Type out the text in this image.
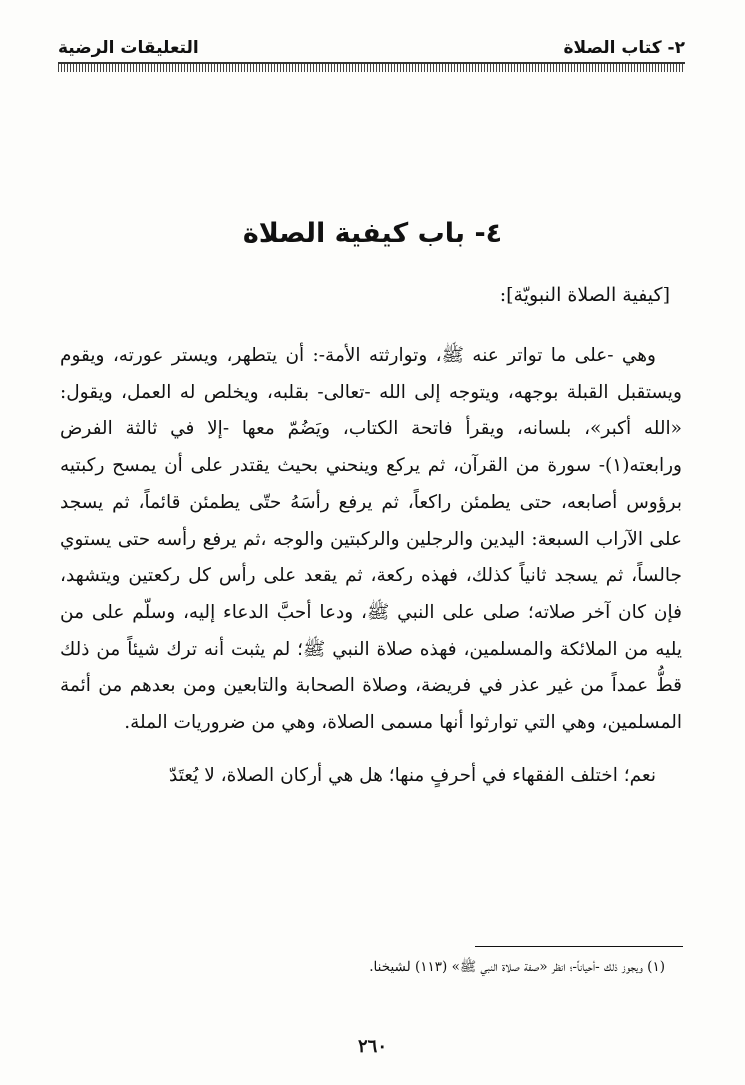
٢- كتاب الصلاة
التعليقات الرضية
٤- باب كيفية الصلاة
[كيفية الصلاة النبويّة]:

وهي -على ما تواتر عنه ﷺ، وتوارثته الأمة-: أن يتطهر، ويستر عورته، ويقوم ويستقبل القبلة بوجهه، ويتوجه إلى الله -تعالى- بقلبه، ويخلص له العمل، ويقول: «الله أكبر»، بلسانه، ويقرأ فاتحة الكتاب، ويَضُمّ معها -إلا في ثالثة الفرض ورابعته(١)- سورة من القرآن، ثم يركع وينحني بحيث يقتدر على أن يمسح ركبتيه برؤوس أصابعه، حتى يطمئن راكعاً، ثم يرفع رأسَهُ حتّى يطمئن قائماً، ثم يسجد على الآراب السبعة: اليدين والرجلين والركبتين والوجه ،ثم يرفع رأسه حتى يستوي جالساً، ثم يسجد ثانياً كذلك، فهذه ركعة، ثم يقعد على رأس كل ركعتين ويتشهد، فإن كان آخر صلاته؛ صلى على النبي ﷺ، ودعا أحبَّ الدعاء إليه، وسلّم على من يليه من الملائكة والمسلمين، فهذه صلاة النبي ﷺ؛ لم يثبت أنه ترك شيئاً من ذلك قطُّ عمداً من غير عذر في فريضة، وصلاة الصحابة والتابعين ومن بعدهم من أئمة المسلمين، وهي التي توارثوا أنها مسمى الصلاة، وهي من ضروريات الملة.

نعم؛ اختلف الفقهاء في أحرفٍ منها؛ هل هي أركان الصلاة، لا يُعتَدّ

(١) ويجوز ذلك -أحياناً-؛ انظر «صفة صلاة النبي ﷺ» (١١٣) لشيخنا.
٢٦٠
